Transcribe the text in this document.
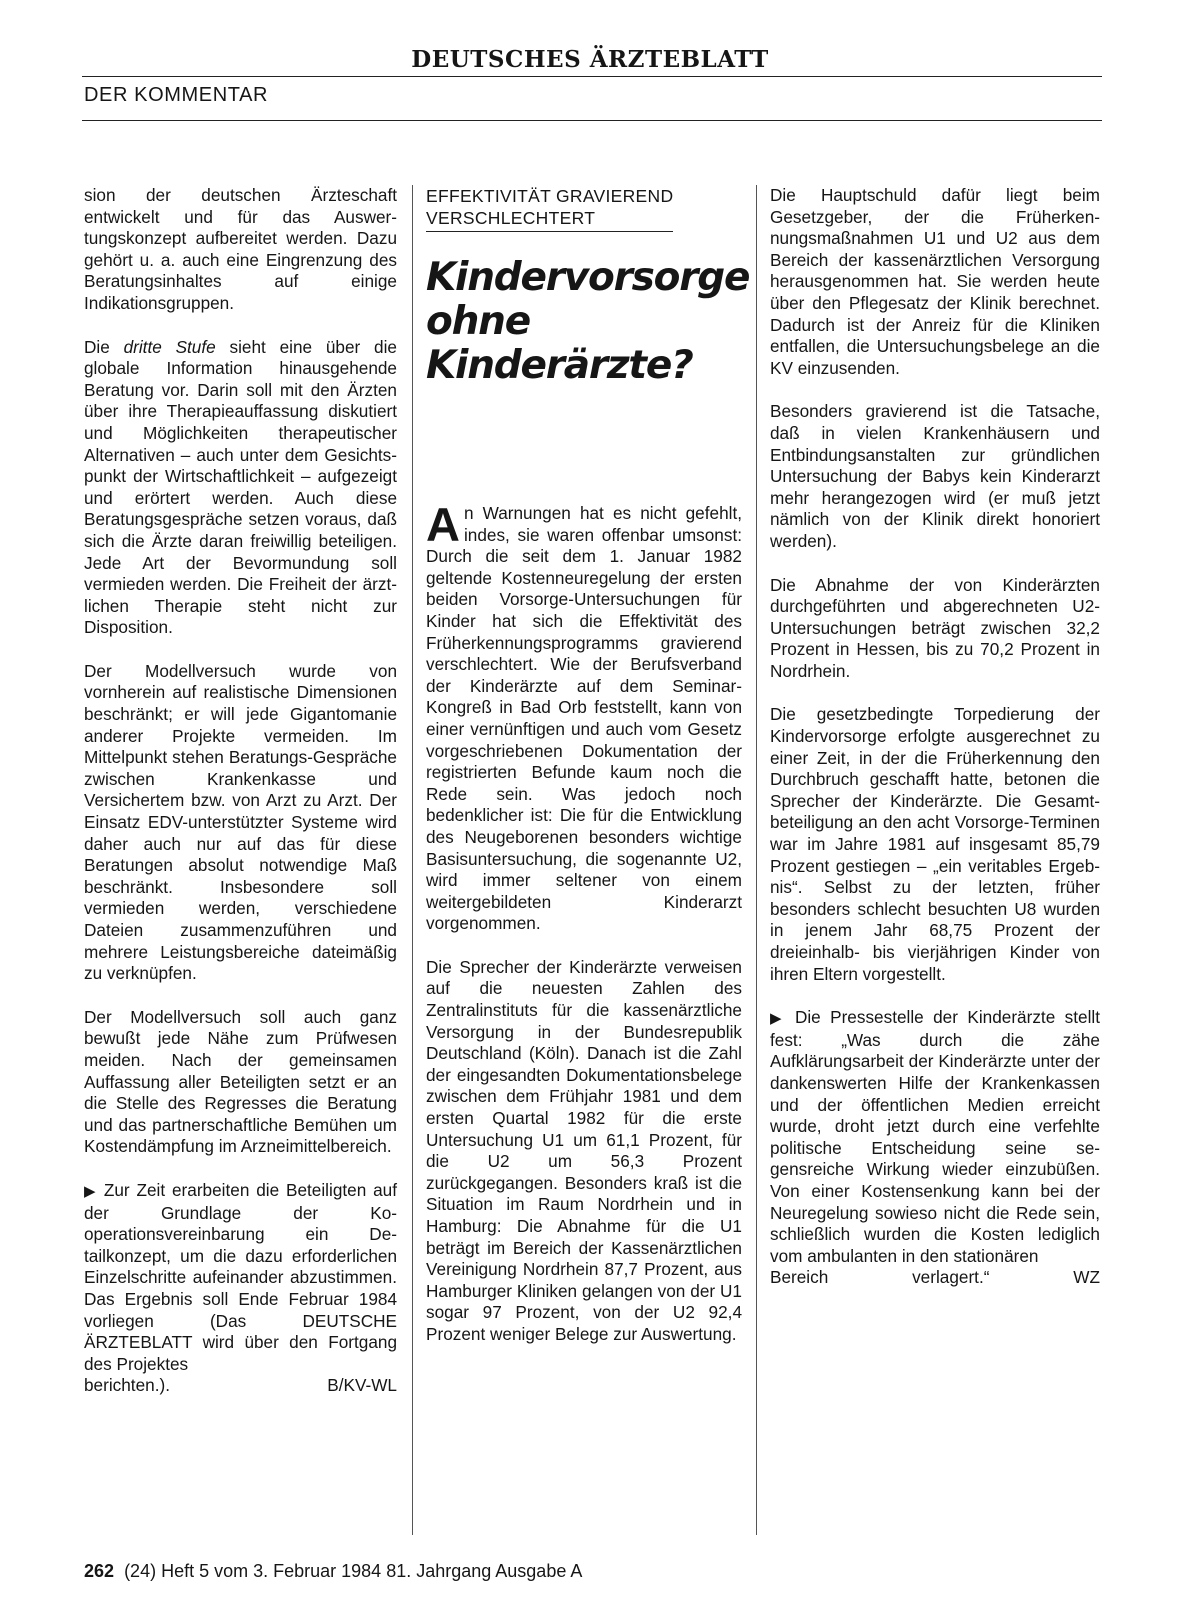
DEUTSCHES ÄRZTEBLATT
DER KOMMENTAR

sion der deutschen Ärzteschaft entwickelt und für das Auswertungskonzept aufbereitet werden. Dazu gehört u. a. auch eine Eingrenzung des Beratungsinhaltes auf einige Indikationsgruppen.

Die dritte Stufe sieht eine über die globale Information hinausgehende Beratung vor. Darin soll mit den Ärzten über ihre Therapieauffassung diskutiert und Möglichkeiten therapeutischer Alternativen – auch unter dem Gesichtspunkt der Wirtschaftlichkeit – aufgezeigt und erörtert werden. Auch diese Beratungsgespräche setzen voraus, daß sich die Ärzte daran freiwillig beteiligen. Jede Art der Bevormundung soll vermieden werden. Die Freiheit der ärztlichen Therapie steht nicht zur Disposition.

Der Modellversuch wurde von vornherein auf realistische Dimensionen beschränkt; er will jede Gigantomanie anderer Projekte vermeiden. Im Mittelpunkt stehen Beratungs-Gespräche zwischen Krankenkasse und Versichertem bzw. von Arzt zu Arzt. Der Einsatz EDV-unterstützter Systeme wird daher auch nur auf das für diese Beratungen absolut notwendige Maß beschränkt. Insbesondere soll vermieden werden, verschiedene Dateien zusammenzuführen und mehrere Leistungsbereiche dateimäßig zu verknüpfen.

Der Modellversuch soll auch ganz bewußt jede Nähe zum Prüfwesen meiden. Nach der gemeinsamen Auffassung aller Beteiligten setzt er an die Stelle des Regresses die Beratung und das partnerschaftliche Bemühen um Kostendämpfung im Arzneimittelbereich.

▶ Zur Zeit erarbeiten die Beteiligten auf der Grundlage der Kooperationsvereinbarung ein Detailkonzept, um die dazu erforderlichen Einzelschritte aufeinander abzustimmen. Das Ergebnis soll Ende Februar 1984 vorliegen (Das DEUTSCHE ÄRZTEBLATT wird über den Fortgang des Projektes

berichten.).	B/KV-WL
EFFEKTIVITÄT GRAVIEREND
VERSCHLECHTERT
Kindervorsorge
ohne
Kinderärzte?

An Warnungen hat es nicht gefehlt, indes, sie waren offenbar umsonst: Durch die seit dem 1. Januar 1982 geltende Kostenneuregelung der ersten beiden Vorsorge-Untersuchungen für Kinder hat sich die Effektivität des Früherkennungsprogramms gravierend verschlechtert. Wie der Berufsverband der Kinderärzte auf dem Seminar-Kongreß in Bad Orb feststellt, kann von einer vernünftigen und auch vom Gesetz vorgeschriebenen Dokumentation der registrierten Befunde kaum noch die Rede sein. Was jedoch noch bedenklicher ist: Die für die Entwicklung des Neugeborenen besonders wichtige Basisuntersuchung, die sogenannte U2, wird immer seltener von einem weitergebildeten Kinderarzt vorgenommen.

Die Sprecher der Kinderärzte verweisen auf die neuesten Zahlen des Zentralinstituts für die kassenärztliche Versorgung in der Bundesrepublik Deutschland (Köln). Danach ist die Zahl der eingesandten Dokumentationsbelege zwischen dem Frühjahr 1981 und dem ersten Quartal 1982 für die erste Untersuchung U1 um 61,1 Prozent, für die U2 um 56,3 Prozent zurückgegangen. Besonders kraß ist die Situation im Raum Nordrhein und in Hamburg: Die Abnahme für die U1 beträgt im Bereich der Kassenärztlichen Vereinigung Nordrhein 87,7 Prozent, aus Hamburger Kliniken gelangen von der U1 sogar 97 Prozent, von der U2 92,4 Prozent weniger Belege zur Auswertung.

Die Hauptschuld dafür liegt beim Gesetzgeber, der die Früherkennungsmaßnahmen U1 und U2 aus dem Bereich der kassenärztlichen Versorgung herausgenommen hat. Sie werden heute über den Pflegesatz der Klinik berechnet. Dadurch ist der Anreiz für die Kliniken entfallen, die Untersuchungsbelege an die KV einzusenden.

Besonders gravierend ist die Tatsache, daß in vielen Krankenhäusern und Entbindungsanstalten zur gründlichen Untersuchung der Babys kein Kinderarzt mehr herangezogen wird (er muß jetzt nämlich von der Klinik direkt honoriert werden).

Die Abnahme der von Kinderärzten durchgeführten und abgerechneten U2-Untersuchungen beträgt zwischen 32,2 Prozent in Hessen, bis zu 70,2 Prozent in Nordrhein.

Die gesetzbedingte Torpedierung der Kindervorsorge erfolgte ausgerechnet zu einer Zeit, in der die Früherkennung den Durchbruch geschafft hatte, betonen die Sprecher der Kinderärzte. Die Gesamtbeteiligung an den acht Vorsorge-Terminen war im Jahre 1981 auf insgesamt 85,79 Prozent gestiegen – „ein veritables Ergebnis“. Selbst zu der letzten, früher besonders schlecht besuchten U8 wurden in jenem Jahr 68,75 Prozent der dreieinhalb- bis vierjährigen Kinder von ihren Eltern vorgestellt.

▶ Die Pressestelle der Kinderärzte stellt fest: „Was durch die zähe Aufklärungsarbeit der Kinderärzte unter der dankenswerten Hilfe der Krankenkassen und der öffentlichen Medien erreicht wurde, droht jetzt durch eine verfehlte politische Entscheidung seine segensreiche Wirkung wieder einzubüßen. Von einer Kostensenkung kann bei der Neuregelung sowieso nicht die Rede sein, schließlich wurden die Kosten lediglich vom ambulanten in den stationären

Bereich verlagert.“	WZ
262 (24) Heft 5 vom 3. Februar 1984 81. Jahrgang Ausgabe A
